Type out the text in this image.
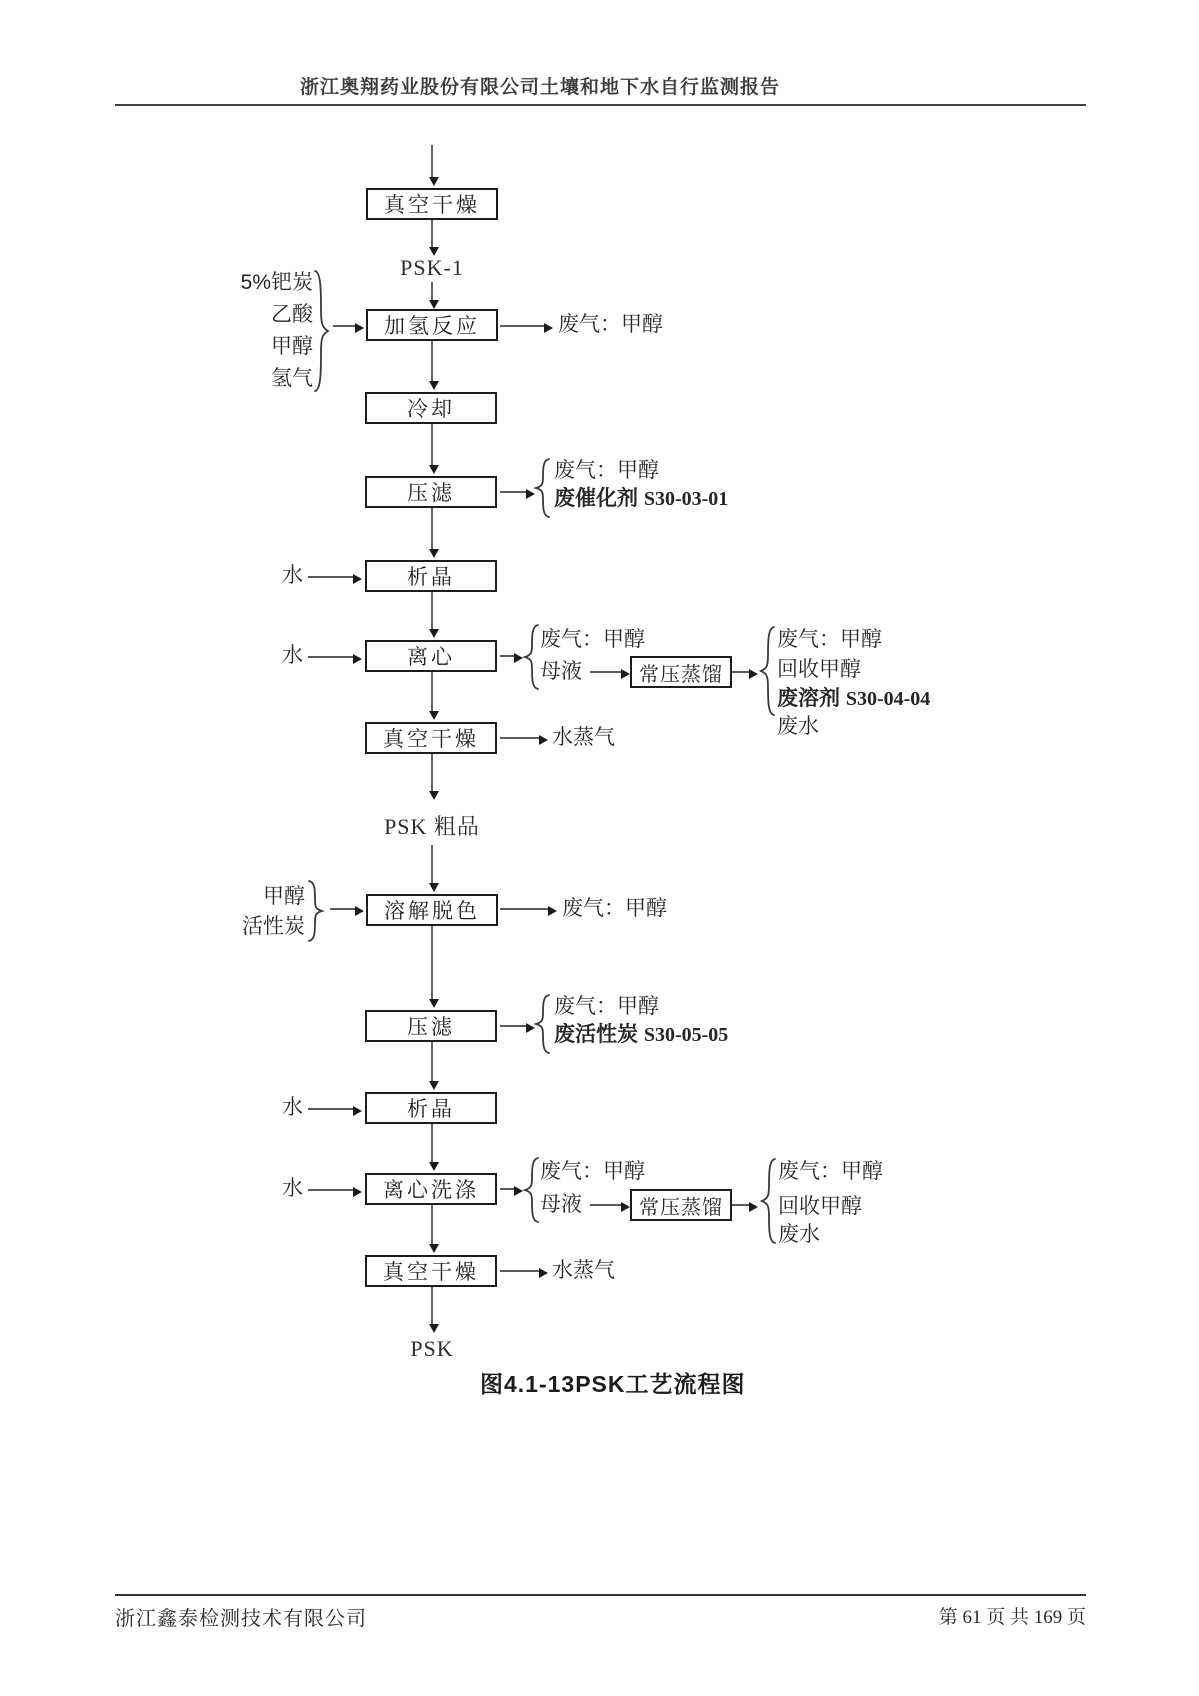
浙江奥翔药业股份有限公司土壤和地下水自行监测报告
真空干燥
加氢反应
冷却
压滤
析晶
离心
常压蒸馏
真空干燥
溶解脱色
压滤
析晶
离心洗涤
常压蒸馏
真空干燥
PSK-1
PSK 粗品
PSK
图4.1-13PSK工艺流程图
5%钯炭
乙酸
甲醇
氢气
甲醇
活性炭
水
水
水
水
废气：甲醇
废气：甲醇
废催化剂 S30-03-01
废气：甲醇
母液
废气：甲醇
回收甲醇
废溶剂 S30-04-04
废水
水蒸气
废气：甲醇
废气：甲醇
废活性炭 S30-05-05
废气：甲醇
母液
废气：甲醇
回收甲醇
废水
水蒸气
浙江鑫泰检测技术有限公司	第 61 页 共 169 页
